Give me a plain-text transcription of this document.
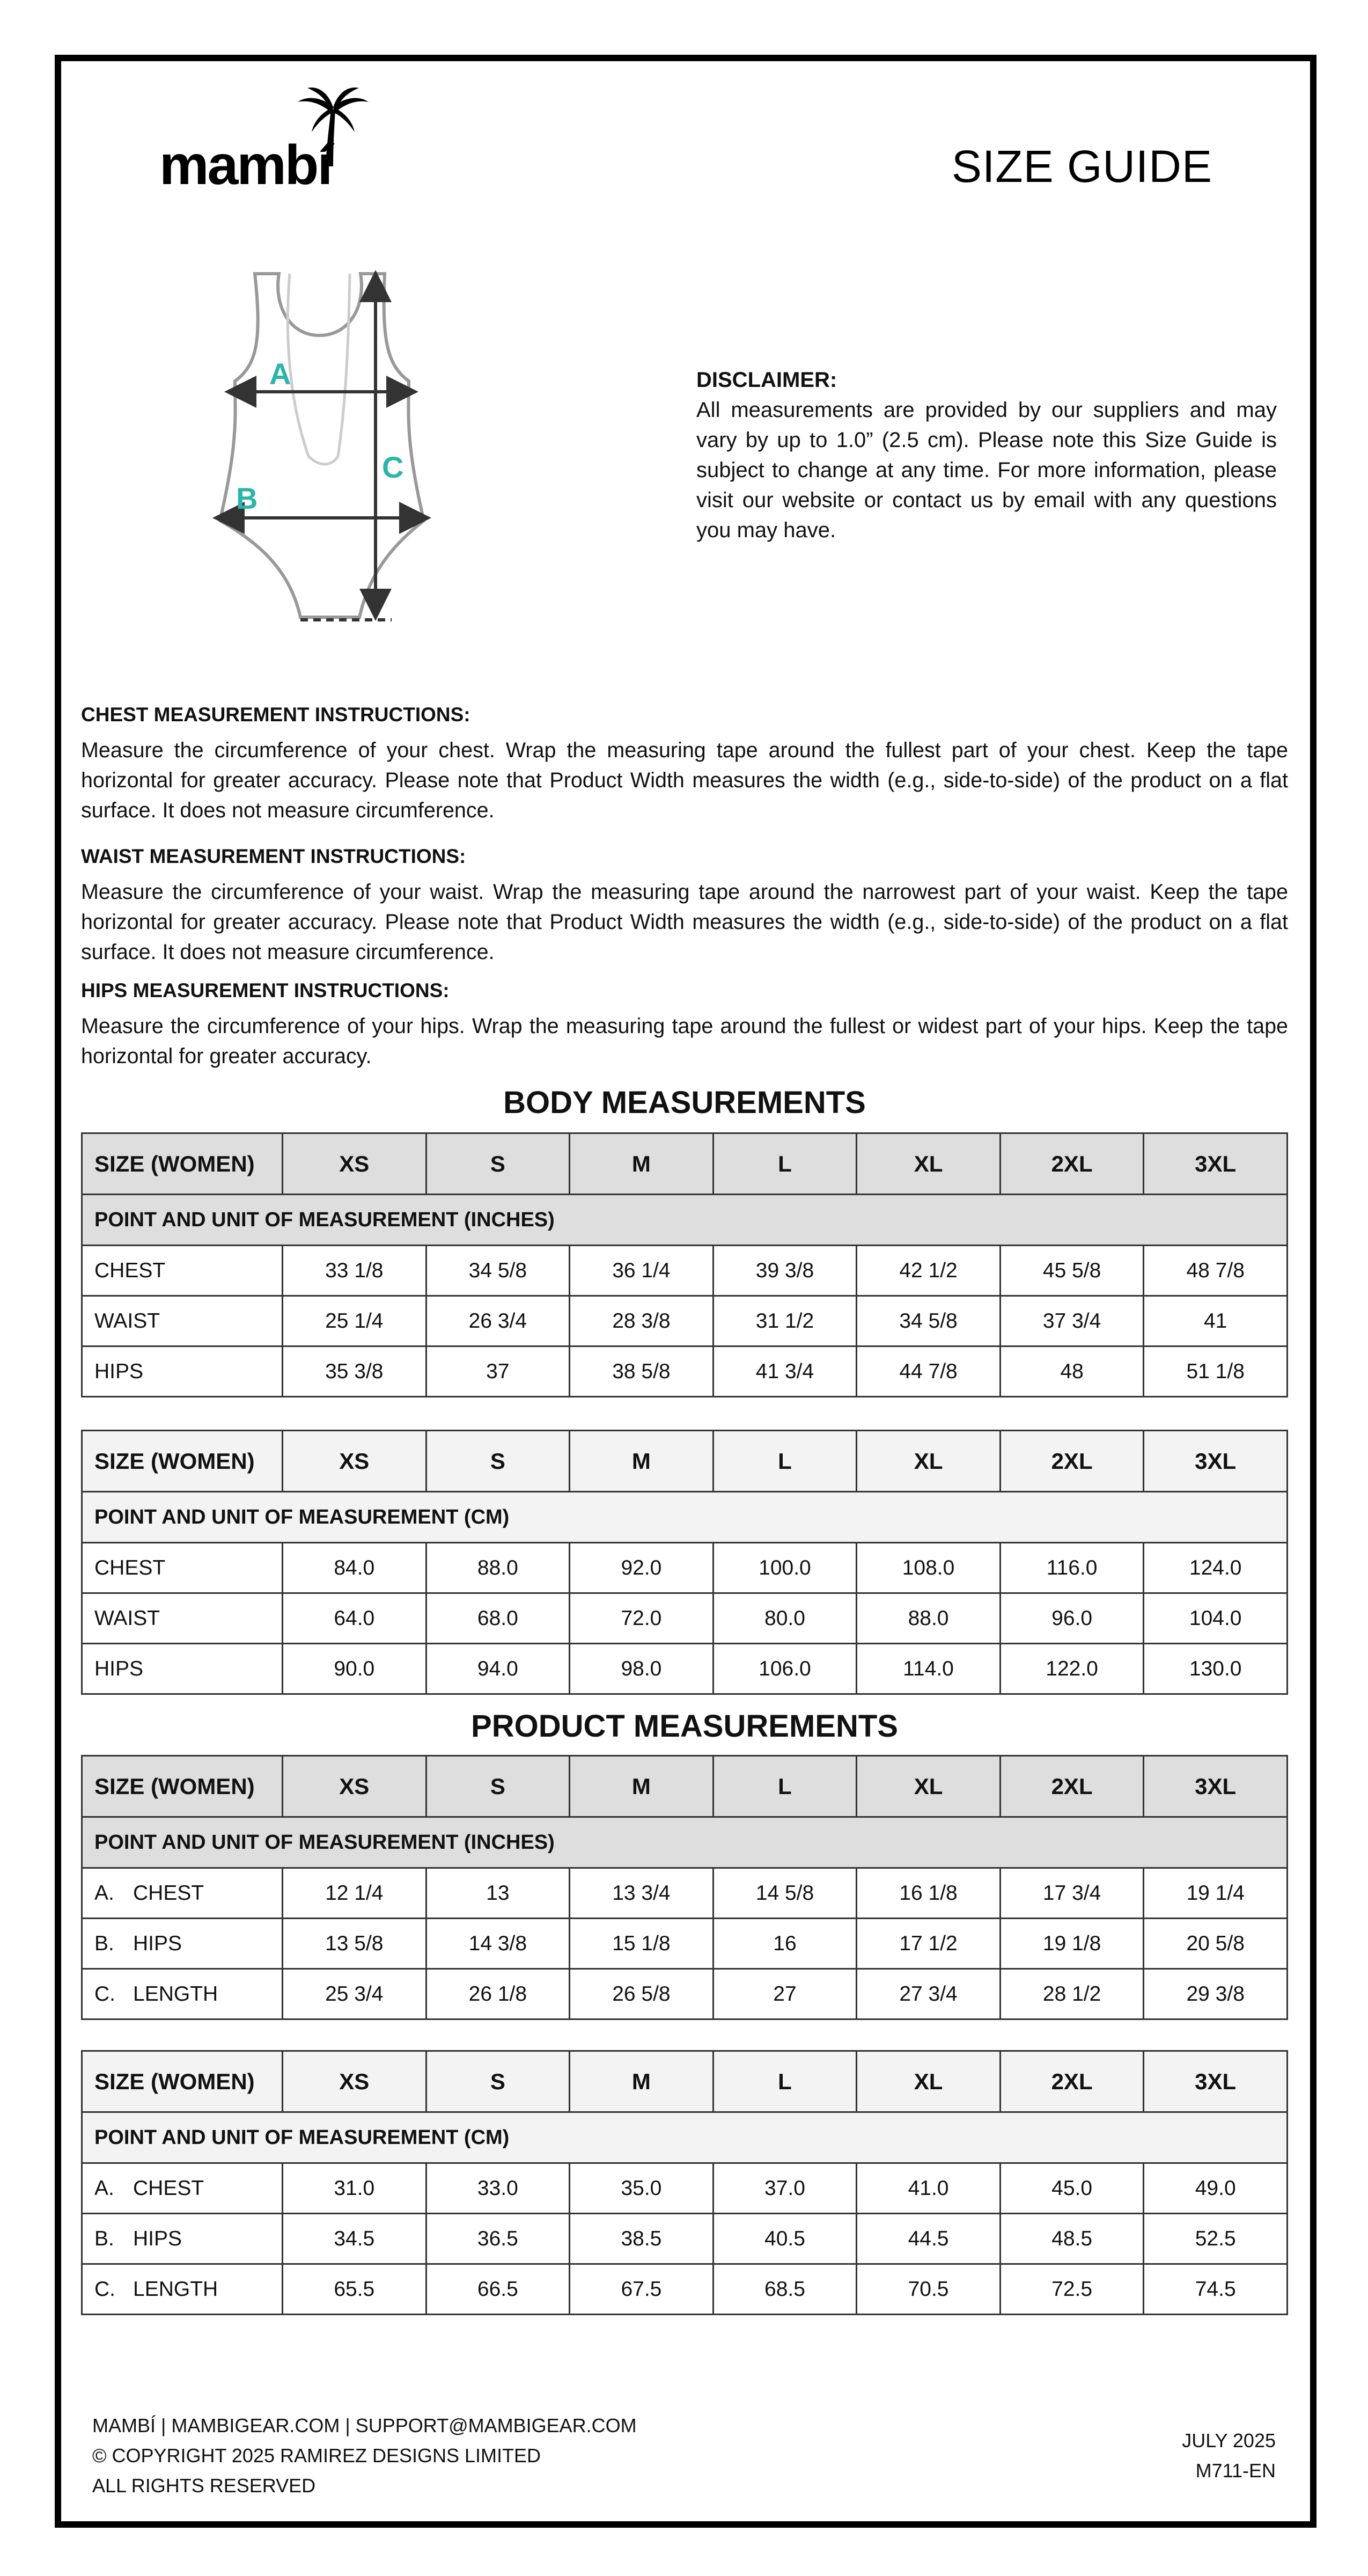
mambí	SIZE GUIDE
A
B
C
DISCLAIMER:
All measurements are provided by our suppliers and may vary by up to 1.0” (2.5 cm). Please note this Size Guide is subject to change at any time. For more information, please visit our website or contact us by email with any questions you may have.
CHEST MEASUREMENT INSTRUCTIONS:
Measure the circumference of your chest. Wrap the measuring tape around the fullest part of your chest. Keep the tape horizontal for greater accuracy. Please note that Product Width measures the width (e.g., side-to-side) of the product on a flat surface. It does not measure circumference.
WAIST MEASUREMENT INSTRUCTIONS:
Measure the circumference of your waist. Wrap the measuring tape around the narrowest part of your waist. Keep the tape horizontal for greater accuracy. Please note that Product Width measures the width (e.g., side-to-side) of the product on a flat surface. It does not measure circumference.
HIPS MEASUREMENT INSTRUCTIONS:
Measure the circumference of your hips. Wrap the measuring tape around the fullest or widest part of your hips. Keep the tape horizontal for greater accuracy.
BODY MEASUREMENTS
SIZE (WOMEN)	XS	S	M	L	XL	2XL	3XL
POINT AND UNIT OF MEASUREMENT (INCHES)							
CHEST	33 1/8	34 5/8	36 1/4	39 3/8	42 1/2	45 5/8	48 7/8
WAIST	25 1/4	26 3/4	28 3/8	31 1/2	34 5/8	37 3/4	41
HIPS	35 3/8	37	38 5/8	41 3/4	44 7/8	48	51 1/8
SIZE (WOMEN)	XS	S	M	L	XL	2XL	3XL
POINT AND UNIT OF MEASUREMENT (CM)							
CHEST	84.0	88.0	92.0	100.0	108.0	116.0	124.0
WAIST	64.0	68.0	72.0	80.0	88.0	96.0	104.0
HIPS	90.0	94.0	98.0	106.0	114.0	122.0	130.0
PRODUCT MEASUREMENTS
SIZE (WOMEN)	XS	S	M	L	XL	2XL	3XL
POINT AND UNIT OF MEASUREMENT (INCHES)							
A. CHEST	12 1/4	13	13 3/4	14 5/8	16 1/8	17 3/4	19 1/4
B. HIPS	13 5/8	14 3/8	15 1/8	16	17 1/2	19 1/8	20 5/8
C. LENGTH	25 3/4	26 1/8	26 5/8	27	27 3/4	28 1/2	29 3/8
SIZE (WOMEN)	XS	S	M	L	XL	2XL	3XL
POINT AND UNIT OF MEASUREMENT (CM)							
A. CHEST	31.0	33.0	35.0	37.0	41.0	45.0	49.0
B. HIPS	34.5	36.5	38.5	40.5	44.5	48.5	52.5
C. LENGTH	65.5	66.5	67.5	68.5	70.5	72.5	74.5
MAMBÍ | MAMBIGEAR.COM | SUPPORT@MAMBIGEAR.COM
© COPYRIGHT 2025 RAMIREZ DESIGNS LIMITED
ALL RIGHTS RESERVED
JULY 2025
M711-EN
